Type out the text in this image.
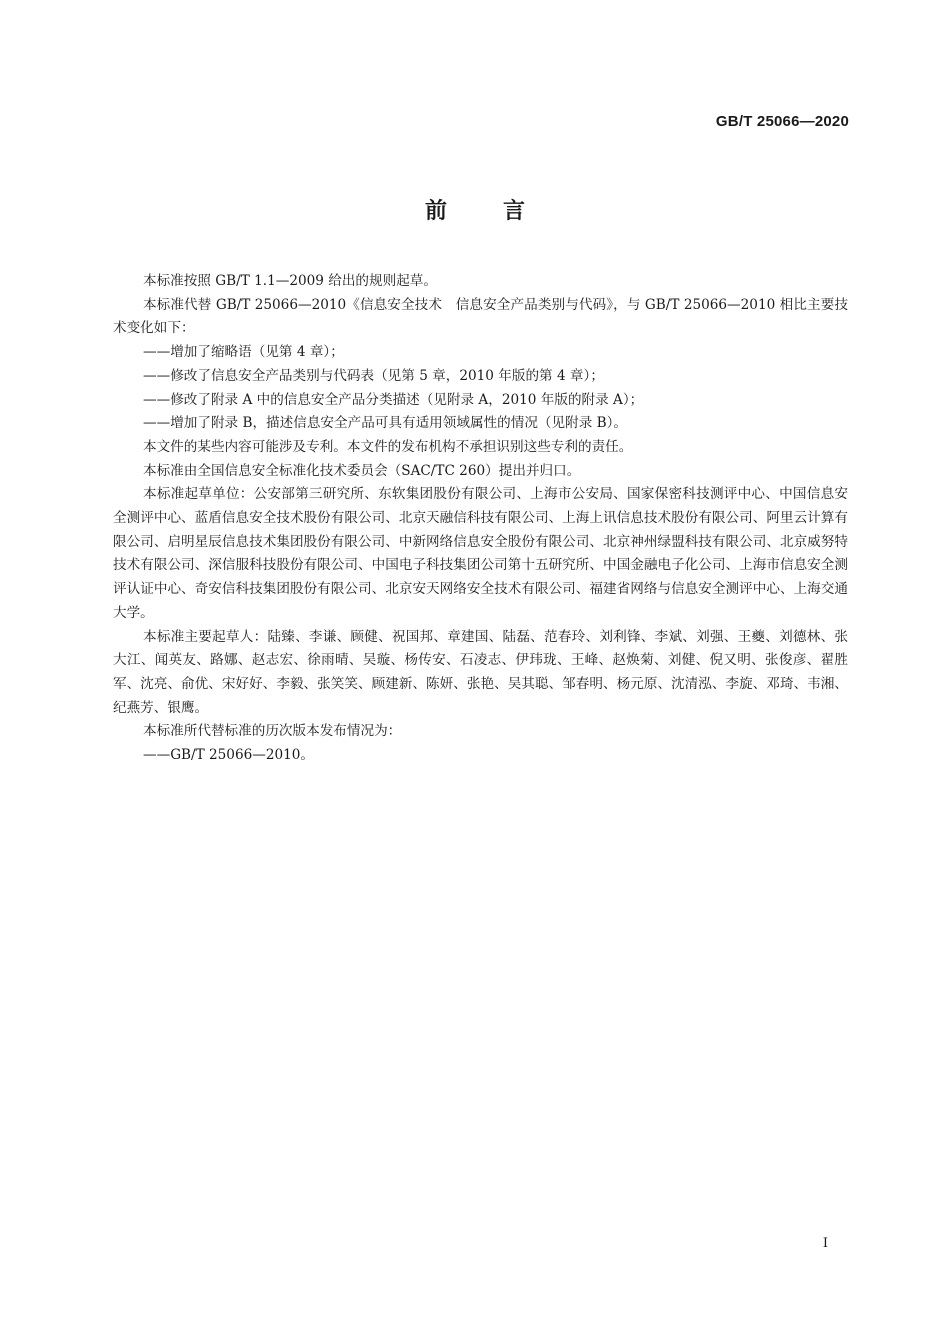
GB/T 25066—2020
前言

本标准按照 GB/T 1.1—2009 给出的规则起草。

本标准代替 GB/T 25066—2010《信息安全技术　信息安全产品类别与代码》，与 GB/T 25066—2010 相比主要技术变化如下：

——增加了缩略语（见第 4 章）；

——修改了信息安全产品类别与代码表（见第 5 章，2010 年版的第 4 章）；

——修改了附录 A 中的信息安全产品分类描述（见附录 A，2010 年版的附录 A）；

——增加了附录 B，描述信息安全产品可具有适用领域属性的情况（见附录 B）。

本文件的某些内容可能涉及专利。本文件的发布机构不承担识别这些专利的责任。

本标准由全国信息安全标准化技术委员会（SAC/TC 260）提出并归口。

本标准起草单位：公安部第三研究所、东软集团股份有限公司、上海市公安局、国家保密科技测评中心、中国信息安全测评中心、蓝盾信息安全技术股份有限公司、北京天融信科技有限公司、上海上讯信息技术股份有限公司、阿里云计算有限公司、启明星辰信息技术集团股份有限公司、中新网络信息安全股份有限公司、北京神州绿盟科技有限公司、北京威努特技术有限公司、深信服科技股份有限公司、中国电子科技集团公司第十五研究所、中国金融电子化公司、上海市信息安全测评认证中心、奇安信科技集团股份有限公司、北京安天网络安全技术有限公司、福建省网络与信息安全测评中心、上海交通大学。

本标准主要起草人：陆臻、李谦、顾健、祝国邦、章建国、陆磊、范春玲、刘利锋、李斌、刘强、王夔、刘德林、张大江、闻英友、路娜、赵志宏、徐雨晴、吴璇、杨传安、石凌志、伊玮珑、王峰、赵焕菊、刘健、倪又明、张俊彦、翟胜军、沈亮、俞优、宋好好、李毅、张笑笑、顾建新、陈妍、张艳、吴其聪、邹春明、杨元原、沈清泓、李旋、邓琦、韦湘、纪燕芳、银鹰。

本标准所代替标准的历次版本发布情况为：

——GB/T 25066—2010。

I
